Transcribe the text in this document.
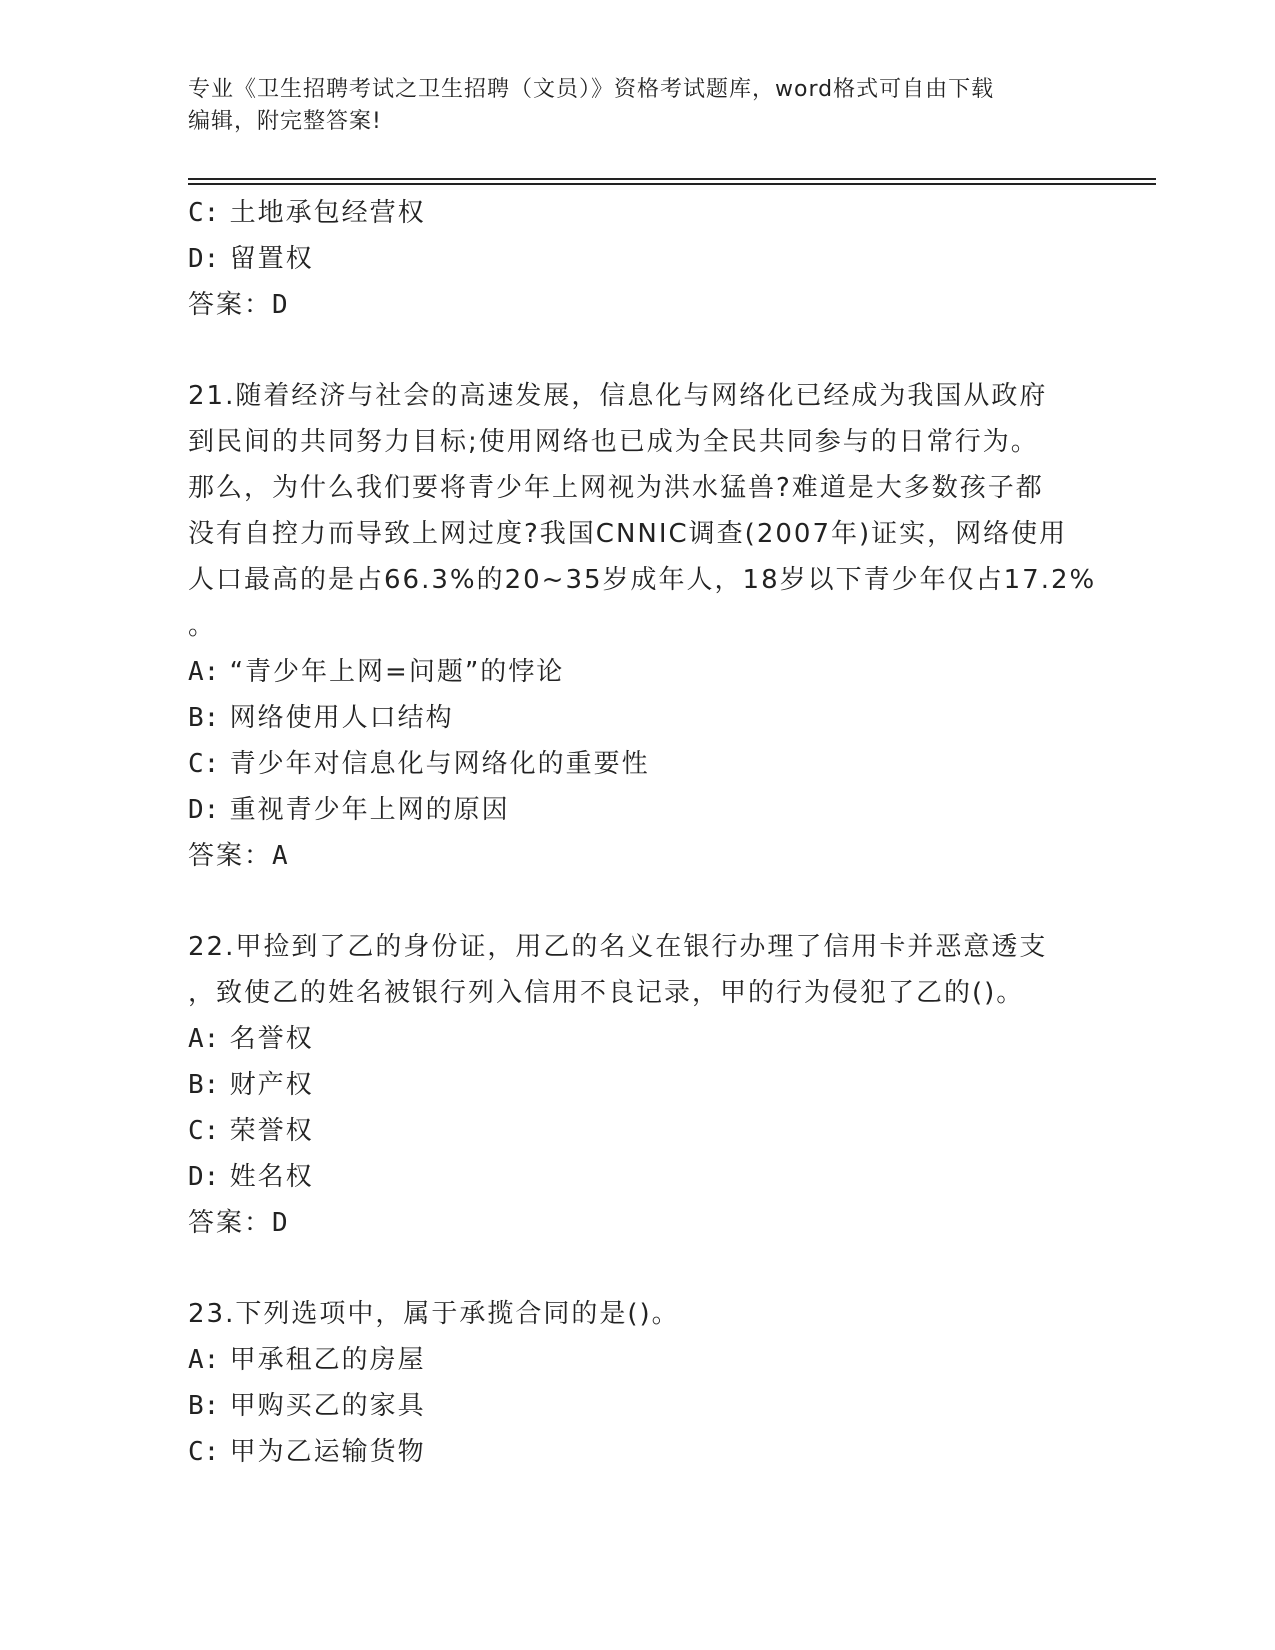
专业《卫生招聘考试之卫生招聘（文员）》资格考试题库，word格式可自由下载
编辑，附完整答案!
C: 土地承包经营权
D: 留置权
答案：D
21.随着经济与社会的高速发展，信息化与网络化已经成为我国从政府
到民间的共同努力目标;使用网络也已成为全民共同参与的日常行为。
那么，为什么我们要将青少年上网视为洪水猛兽?难道是大多数孩子都
没有自控力而导致上网过度?我国CNNIC调查(2007年)证实，网络使用
人口最高的是占66.3%的20~35岁成年人，18岁以下青少年仅占17.2%
。
A: “青少年上网=问题”的悖论
B: 网络使用人口结构
C: 青少年对信息化与网络化的重要性
D: 重视青少年上网的原因
答案：A
22.甲捡到了乙的身份证，用乙的名义在银行办理了信用卡并恶意透支
，致使乙的姓名被银行列入信用不良记录，甲的行为侵犯了乙的()。
A: 名誉权
B: 财产权
C: 荣誉权
D: 姓名权
答案：D
23.下列选项中，属于承揽合同的是()。
A: 甲承租乙的房屋
B: 甲购买乙的家具
C: 甲为乙运输货物
